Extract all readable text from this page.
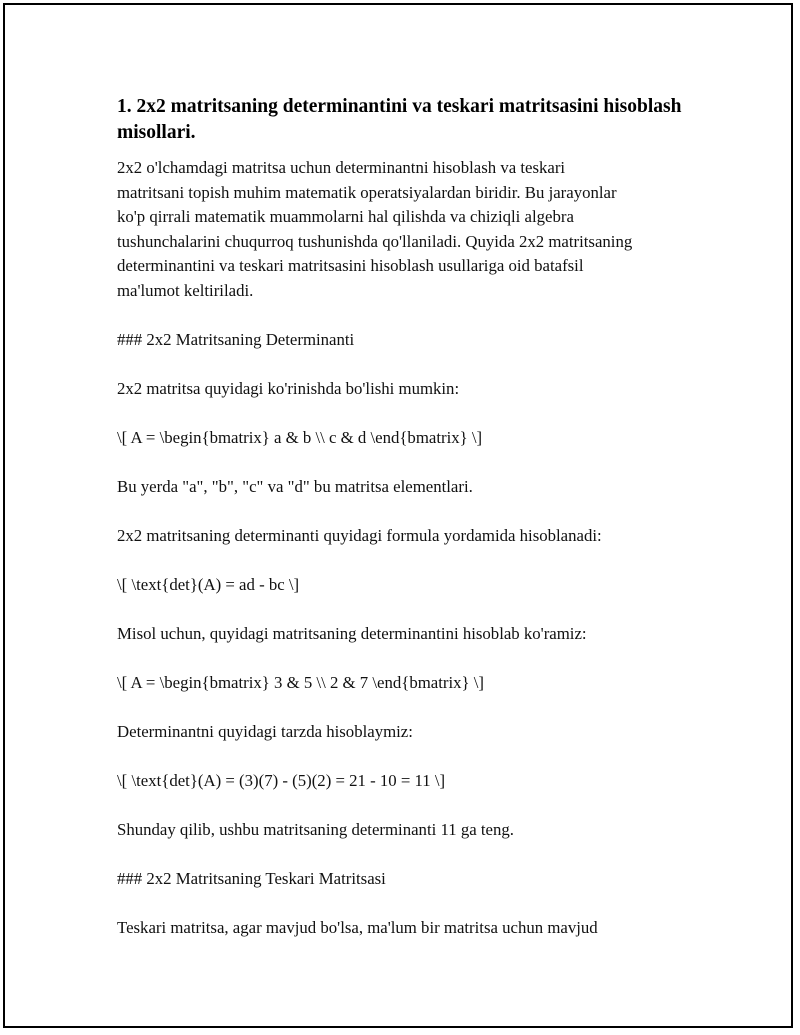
1. 2x2 matritsaning determinantini va teskari matritsasini hisoblash misollari.
2x2 o'lchamdagi matritsa uchun determinantni hisoblash va teskari
matritsani topish muhim matematik operatsiyalardan biridir. Bu jarayonlar
ko'p qirrali matematik muammolarni hal qilishda va chiziqli algebra
tushunchalarini chuqurroq tushunishda qo'llaniladi. Quyida 2x2 matritsaning
determinantini va teskari matritsasini hisoblash usullariga oid batafsil
ma'lumot keltiriladi.

### 2x2 Matritsaning Determinanti

2x2 matritsa quyidagi ko'rinishda bo'lishi mumkin:

\[ A = \begin{bmatrix} a & b \\ c & d \end{bmatrix} \]

Bu yerda "a", "b", "c" va "d" bu matritsa elementlari.

2x2 matritsaning determinanti quyidagi formula yordamida hisoblanadi:

\[ \text{det}(A) = ad - bc \]

Misol uchun, quyidagi matritsaning determinantini hisoblab ko'ramiz:

\[ A = \begin{bmatrix} 3 & 5 \\ 2 & 7 \end{bmatrix} \]

Determinantni quyidagi tarzda hisoblaymiz:

\[ \text{det}(A) = (3)(7) - (5)(2) = 21 - 10 = 11 \]

Shunday qilib, ushbu matritsaning determinanti 11 ga teng.

### 2x2 Matritsaning Teskari Matritsasi

Teskari matritsa, agar mavjud bo'lsa, ma'lum bir matritsa uchun mavjud
